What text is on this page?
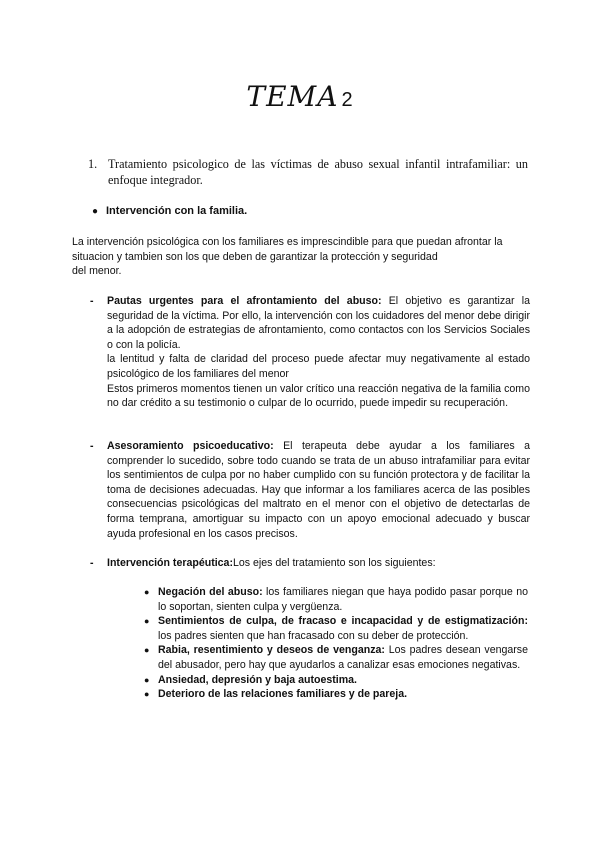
TEMA 2
1. Tratamiento psicologico de las víctimas de abuso sexual infantil intrafamiliar: un enfoque integrador.
● Intervención con la familia.
La intervención psicológica con los familiares es imprescindible para que puedan afrontar la
situacion y tambien son los que deben de garantizar la protección y seguridad
del menor.
- Pautas urgentes para el afrontamiento del abuso: El objetivo es garantizar la seguridad de la víctima. Por ello, la intervención con los cuidadores del menor debe dirigir a la adopción de estrategias de afrontamiento, como contactos con los Servicios Sociales o con la policía.
la lentitud y falta de claridad del proceso puede afectar muy negativamente al estado psicológico de los familiares del menor
Estos primeros momentos tienen un valor crítico una reacción negativa de la familia como no dar crédito a su testimonio o culpar de lo ocurrido, puede impedir su recuperación.
- Asesoramiento psicoeducativo: El terapeuta debe ayudar a los familiares a comprender lo sucedido, sobre todo cuando se trata de un abuso intrafamiliar para evitar los sentimientos de culpa por no haber cumplido con su función protectora y de facilitar la toma de decisiones adecuadas. Hay que informar a los familiares acerca de las posibles consecuencias psicológicas del maltrato en el menor con el objetivo de detectarlas de forma temprana, amortiguar su impacto con un apoyo emocional adecuado y buscar ayuda profesional en los casos precisos.
- Intervención terapéutica:Los ejes del tratamiento son los siguientes:
● Negación del abuso: los familiares niegan que haya podido pasar porque no lo soportan, sienten culpa y vergüenza.
● Sentimientos de culpa, de fracaso e incapacidad y de estigmatización: los padres sienten que han fracasado con su deber de protección.
● Rabia, resentimiento y deseos de venganza: Los padres desean vengarse del abusador, pero hay que ayudarlos a canalizar esas emociones negativas.
● Ansiedad, depresión y baja autoestima.
● Deterioro de las relaciones familiares y de pareja.
